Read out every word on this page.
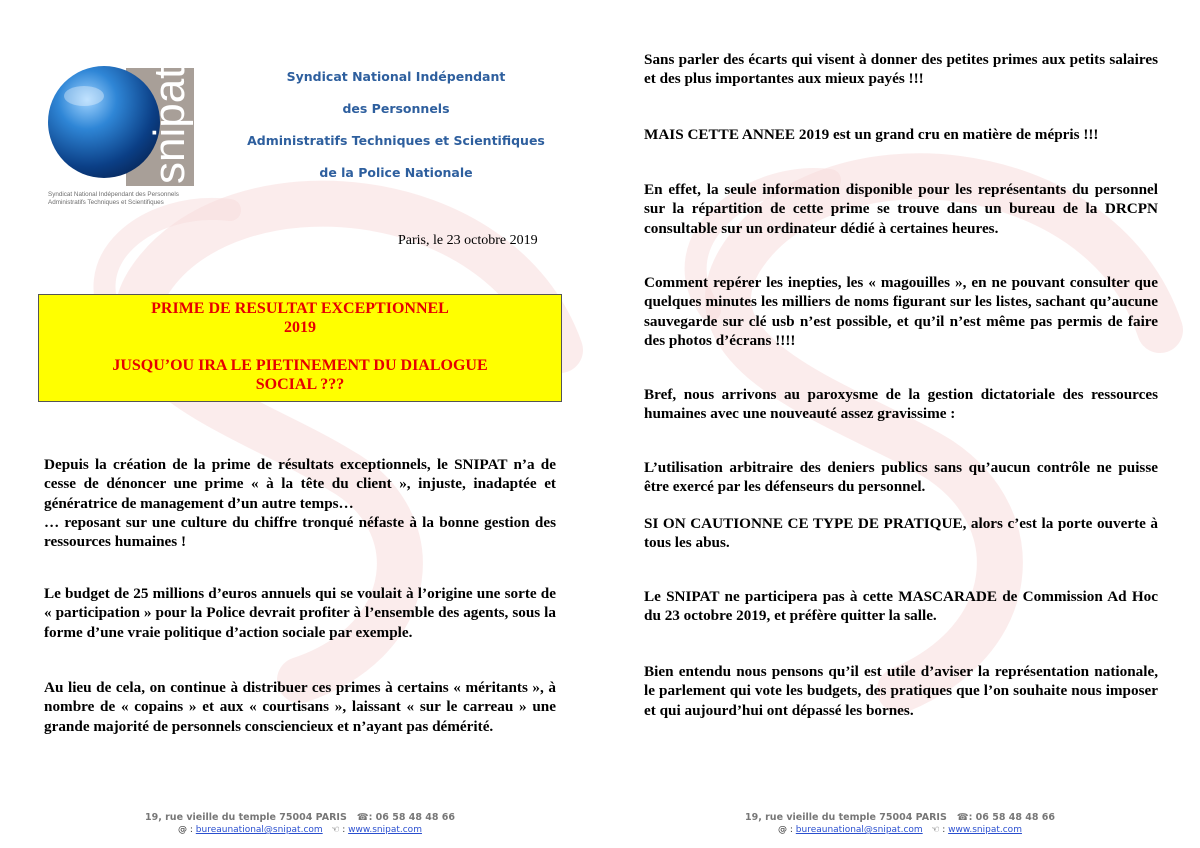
snipat
Syndicat National Indépendant des Personnels
Administratifs Techniques et Scientifiques
Syndicat National Indépendant
des Personnels
Administratifs Techniques et Scientifiques
de la Police Nationale
Paris, le 23 octobre 2019
PRIME DE RESULTAT EXCEPTIONNEL
2019
JUSQU’OU IRA LE PIETINEMENT DU DIALOGUE
SOCIAL ???
Depuis la création de la prime de résultats exceptionnels, le SNIPAT n’a de cesse de dénoncer une prime « à la tête du client », injuste, inadaptée et génératrice de management d’un autre temps…
… reposant sur une culture du chiffre tronqué néfaste à la bonne gestion des ressources humaines !
Le budget de 25 millions d’euros annuels qui se voulait à l’origine une sorte de « participation » pour la Police devrait profiter à l’ensemble des agents, sous la forme d’une vraie politique d’action sociale par exemple.
Au lieu de cela, on continue à distribuer ces primes à certains « méritants », à nombre de « copains » et aux « courtisans », laissant « sur le carreau » une grande majorité de personnels consciencieux et n’ayant pas démérité.
19, rue vieille du temple 75004 PARIS ☎: 06 58 48 48 66
@ : bureaunational@snipat.com ☜ : www.snipat.com
Sans parler des écarts qui visent à donner des petites primes aux petits salaires et des plus importantes aux mieux payés !!!
MAIS CETTE ANNEE 2019 est un grand cru en matière de mépris !!!
En effet, la seule information disponible pour les représentants du personnel sur la répartition de cette prime se trouve dans un bureau de la DRCPN consultable sur un ordinateur dédié à certaines heures.
Comment repérer les inepties, les « magouilles », en ne pouvant consulter que quelques minutes les milliers de noms figurant sur les listes, sachant qu’aucune sauvegarde sur clé usb n’est possible, et qu’il n’est même pas permis de faire des photos d’écrans !!!!
Bref, nous arrivons au paroxysme de la gestion dictatoriale des ressources humaines avec une nouveauté assez gravissime :
L’utilisation arbitraire des deniers publics sans qu’aucun contrôle ne puisse être exercé par les défenseurs du personnel.
SI ON CAUTIONNE CE TYPE DE PRATIQUE, alors c’est la porte ouverte à tous les abus.
Le SNIPAT ne participera pas à cette MASCARADE de Commission Ad Hoc du 23 octobre 2019, et préfère quitter la salle.
Bien entendu nous pensons qu’il est utile d’aviser la représentation nationale, le parlement qui vote les budgets, des pratiques que l’on souhaite nous imposer et qui aujourd’hui ont dépassé les bornes.
19, rue vieille du temple 75004 PARIS ☎: 06 58 48 48 66
@ : bureaunational@snipat.com ☜ : www.snipat.com
